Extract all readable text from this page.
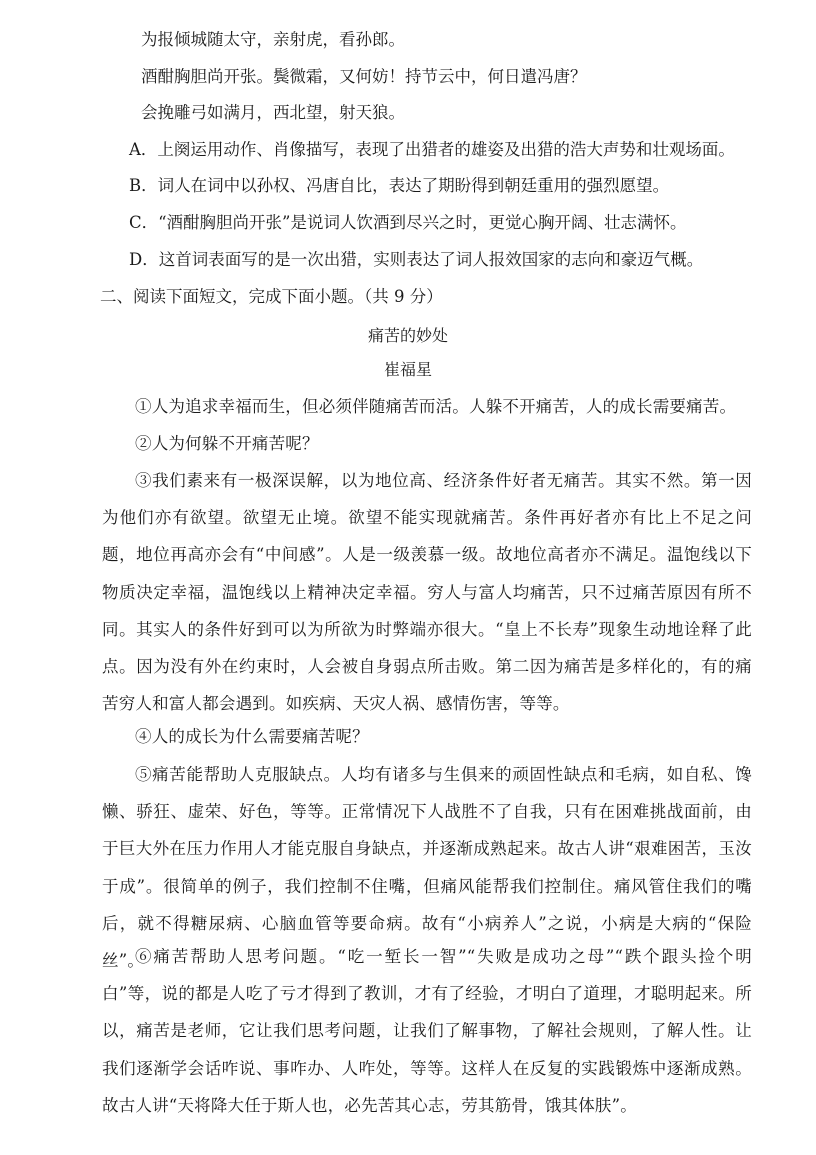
为报倾城随太守，亲射虎，看孙郎。
酒酣胸胆尚开张。鬓微霜，又何妨！持节云中，何日遣冯唐？
会挽雕弓如满月，西北望，射天狼。
A．上阕运用动作、肖像描写，表现了出猎者的雄姿及出猎的浩大声势和壮观场面。
B．词人在词中以孙权、冯唐自比，表达了期盼得到朝廷重用的强烈愿望。
C．“酒酣胸胆尚开张”是说词人饮酒到尽兴之时，更觉心胸开阔、壮志满怀。
D．这首词表面写的是一次出猎，实则表达了词人报效国家的志向和豪迈气概。
二、阅读下面短文，完成下面小题。（共 9 分）
痛苦的妙处
崔福星
①人为追求幸福而生，但必须伴随痛苦而活。人躲不开痛苦，人的成长需要痛苦。
②人为何躲不开痛苦呢？
③我们素来有一极深误解，以为地位高、经济条件好者无痛苦。其实不然。第一因为他们亦有欲望。欲望无止境。欲望不能实现就痛苦。条件再好者亦有比上不足之问题，地位再高亦会有“中间感”。人是一级羡慕一级。故地位高者亦不满足。温饱线以下物质决定幸福，温饱线以上精神决定幸福。穷人与富人均痛苦，只不过痛苦原因有所不同。其实人的条件好到可以为所欲为时弊端亦很大。“皇上不长寿”现象生动地诠释了此点。因为没有外在约束时，人会被自身弱点所击败。第二因为痛苦是多样化的，有的痛苦穷人和富人都会遇到。如疾病、天灾人祸、感情伤害，等等。
④人的成长为什么需要痛苦呢？
⑤痛苦能帮助人克服缺点。人均有诸多与生俱来的顽固性缺点和毛病，如自私、馋懒、骄狂、虚荣、好色，等等。正常情况下人战胜不了自我，只有在困难挑战面前，由于巨大外在压力作用人才能克服自身缺点，并逐渐成熟起来。故古人讲“艰难困苦，玉汝于成”。很简单的例子，我们控制不住嘴，但痛风能帮我们控制住。痛风管住我们的嘴后，就不得糖尿病、心脑血管等要命病。故有“小病养人”之说，小病是大病的“保险丝”。
⑥痛苦帮助人思考问题。“吃一堑长一智”“失败是成功之母”“跌个跟头捡个明白”等，说的都是人吃了亏才得到了教训，才有了经验，才明白了道理，才聪明起来。所以，痛苦是老师，它让我们思考问题，让我们了解事物，了解社会规则，了解人性。让我们逐渐学会话咋说、事咋办、人咋处，等等。这样人在反复的实践锻炼中逐渐成熟。故古人讲“天将降大任于斯人也，必先苦其心志，劳其筋骨，饿其体肤”。
